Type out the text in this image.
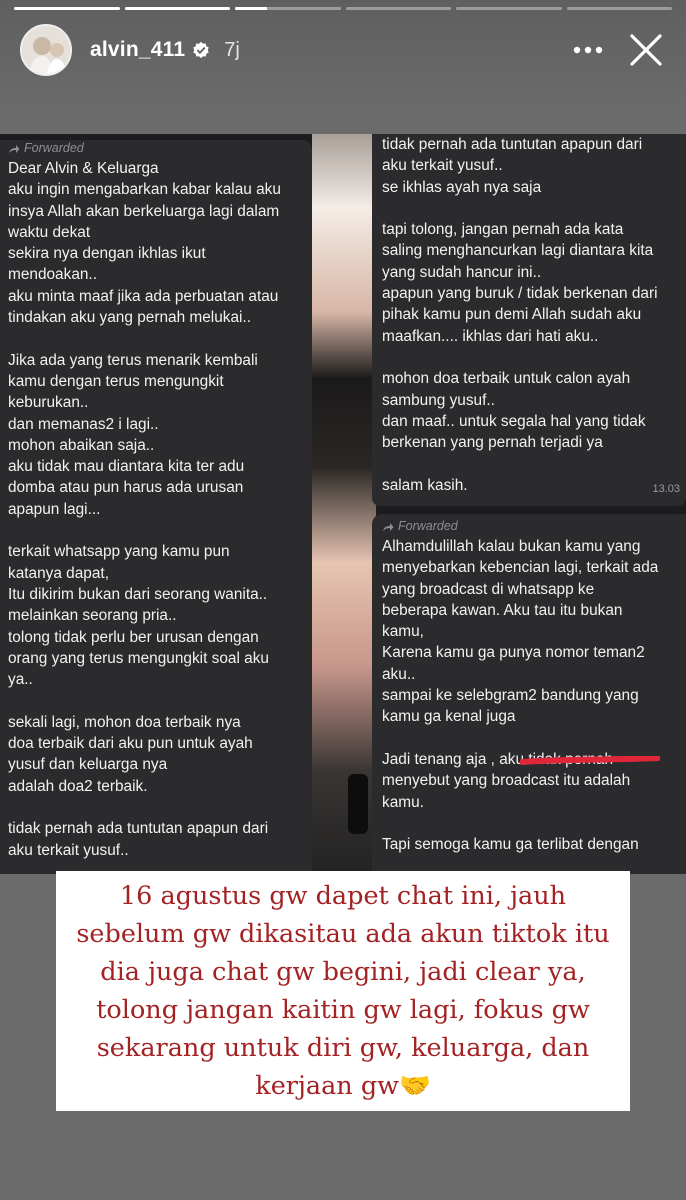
alvin_411 7j
Forwarded
Dear Alvin & Keluarga
aku ingin mengabarkan kabar kalau aku
insya Allah akan berkeluarga lagi dalam
waktu dekat
sekira nya dengan ikhlas ikut
mendoakan..
aku minta maaf jika ada perbuatan atau
tindakan aku yang pernah melukai..
Jika ada yang terus menarik kembali
kamu dengan terus mengungkit
keburukan..
dan memanas2 i lagi..
mohon abaikan saja..
aku tidak mau diantara kita ter adu
domba atau pun harus ada urusan
apapun lagi...
terkait whatsapp yang kamu pun
katanya dapat,
Itu dikirim bukan dari seorang wanita..
melainkan seorang pria..
tolong tidak perlu ber urusan dengan
orang yang terus mengungkit soal aku
ya..
sekali lagi, mohon doa terbaik nya
doa terbaik dari aku pun untuk ayah
yusuf dan keluarga nya
adalah doa2 terbaik.
tidak pernah ada tuntutan apapun dari
aku terkait yusuf..
tidak pernah ada tuntutan apapun dari
aku terkait yusuf..
se ikhlas ayah nya saja
tapi tolong, jangan pernah ada kata
saling menghancurkan lagi diantara kita
yang sudah hancur ini..
apapun yang buruk / tidak berkenan dari
pihak kamu pun demi Allah sudah aku
maafkan.... ikhlas dari hati aku..
mohon doa terbaik untuk calon ayah
sambung yusuf..
dan maaf.. untuk segala hal yang tidak
berkenan yang pernah terjadi ya
salam kasih.	13.03
Forwarded
Alhamdulillah kalau bukan kamu yang
menyebarkan kebencian lagi, terkait ada
yang broadcast di whatsapp ke
beberapa kawan. Aku tau itu bukan
kamu,
Karena kamu ga punya nomor teman2
aku..
sampai ke selebgram2 bandung yang
kamu ga kenal juga
Jadi tenang aja , aku tidak pernah
menyebut yang broadcast itu adalah
kamu.
Tapi semoga kamu ga terlibat dengan
16 agustus gw dapet chat ini, jauh sebelum gw dikasitau ada akun tiktok itu dia juga chat gw begini, jadi clear ya, tolong jangan kaitin gw lagi, fokus gw sekarang untuk diri gw, keluarga, dan kerjaan gw🤝
